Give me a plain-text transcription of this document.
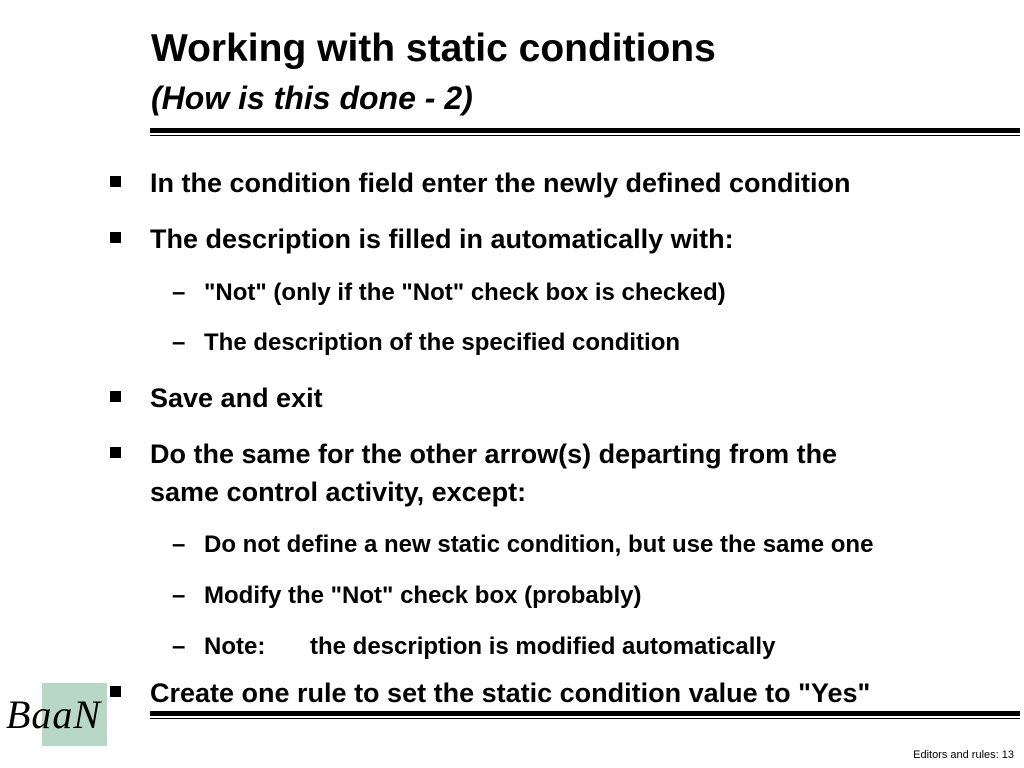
Working with static conditions
(How is this done - 2)
In the condition field enter the newly defined condition
The description is filled in automatically with:
– "Not" (only if the "Not" check box is checked)
– The description of the specified condition
Save and exit
Do the same for the other arrow(s) departing from the
same control activity, except:
– Do not define a new static condition, but use the same one
– Modify the "Not" check box (probably)
– Note: the description is modified automatically
Create one rule to set the static condition value to "Yes"
BaaN
Editors and rules: 13
